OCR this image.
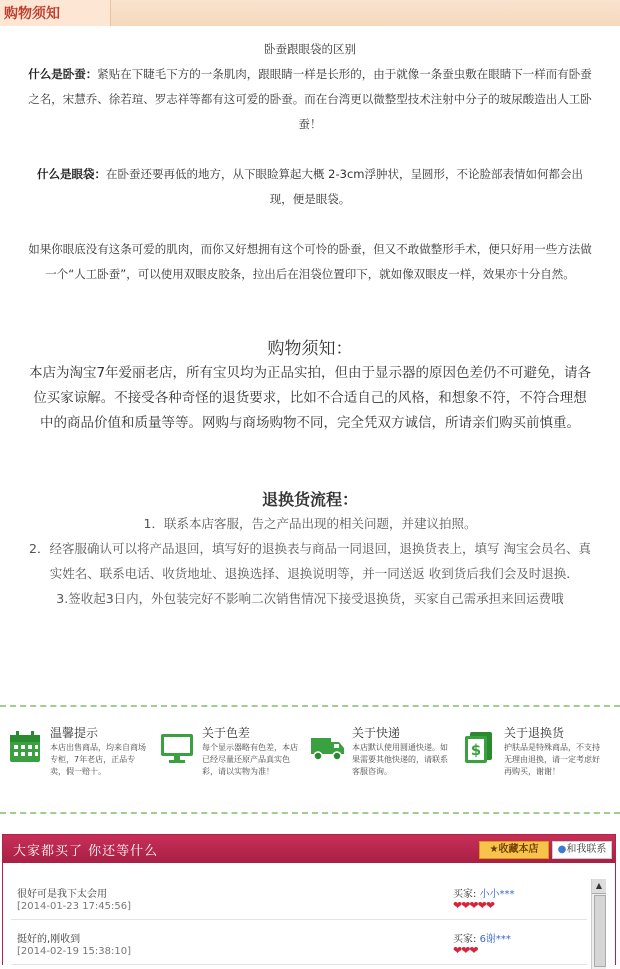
购物须知
卧蚕跟眼袋的区别
什么是卧蚕：紧贴在下睫毛下方的一条肌肉，跟眼睛一样是长形的，由于就像一条蚕虫敷在眼睛下一样而有卧蚕之名，宋慧乔、徐若瑄、罗志祥等都有这可爱的卧蚕。而在台湾更以微整型技术注射中分子的玻尿酸造出人工卧蚕！
什么是眼袋：在卧蚕还要再低的地方，从下眼睑算起大概 2-3cm浮肿状，呈圆形，不论脸部表情如何都会出现，便是眼袋。
如果你眼底没有这条可爱的肌肉，而你又好想拥有这个可怜的卧蚕，但又不敢做整形手术，便只好用一些方法做一个“人工卧蚕”，可以使用双眼皮胶条，拉出后在泪袋位置印下，就如像双眼皮一样，效果亦十分自然。
购物须知：
本店为淘宝7年爱丽老店，所有宝贝均为正品实拍，但由于显示器的原因色差仍不可避免，请各位买家谅解。不接受各种奇怪的退货要求，比如不合适自己的风格，和想象不符，不符合理想中的商品价值和质量等等。网购与商场购物不同，完全凭双方诚信，所请亲们购买前慎重。
退换货流程：
1．联系本店客服，告之产品出现的相关问题，并建议拍照。
2．经客服确认可以将产品退回，填写好的退换表与商品一同退回，退换货表上，填写 淘宝会员名、真实姓名、联系电话、收货地址、退换选择、退换说明等，并一同送返 收到货后我们会及时退换.
3.签收起3日内，外包装完好不影响二次销售情况下接受退换货，买家自己需承担来回运费哦
温馨提示
本店出售商品，均来自商场专柜，7年老店，正品专卖，假一赔十。
关于色差
每个显示器略有色差，本店已经尽量还原产品真实色彩，请以实物为准！
关于快递
本店默认使用圆通快递。如果需要其他快递的，请联系客服咨询。
$
关于退换货
护肤品是特殊商品，不支持无理由退换，请一定考虑好再购买，谢谢！
大家都买了 你还等什么	★收藏本店	●和我联系
很好可是我下太会用
[2014-01-23 17:45:56]
买家: 小小***
❤❤❤❤❤
挺好的,刚收到
[2014-02-19 15:38:10]
买家: 6谢***
❤❤❤
▲
